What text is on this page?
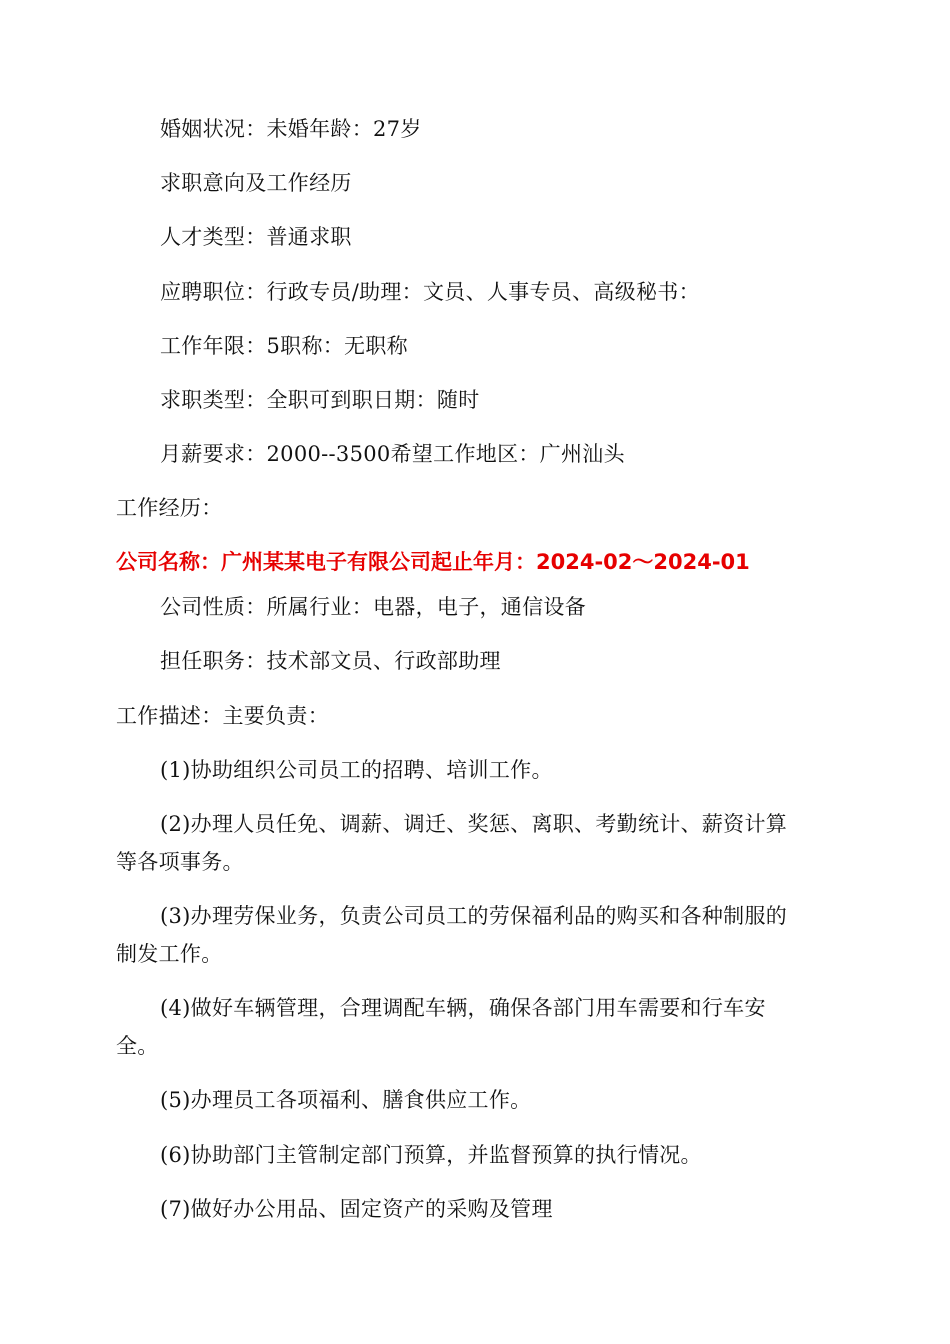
婚姻状况：未婚年龄：27岁
求职意向及工作经历
人才类型：普通求职
应聘职位：行政专员/助理：文员、人事专员、高级秘书：
工作年限：5职称：无职称
求职类型：全职可到职日期：随时
月薪要求：2000--3500希望工作地区：广州汕头
工作经历：
公司名称：广州某某电子有限公司起止年月：2024-02～2024-01
公司性质：所属行业：电器，电子，通信设备
担任职务：技术部文员、行政部助理
工作描述：主要负责：
(1)协助组织公司员工的招聘、培训工作。
(2)办理人员任免、调薪、调迁、奖惩、离职、考勤统计、薪资计算
等各项事务。
(3)办理劳保业务，负责公司员工的劳保福利品的购买和各种制服的
制发工作。
(4)做好车辆管理，合理调配车辆，确保各部门用车需要和行车安
全。
(5)办理员工各项福利、膳食供应工作。
(6)协助部门主管制定部门预算，并监督预算的执行情况。
(7)做好办公用品、固定资产的采购及管理
